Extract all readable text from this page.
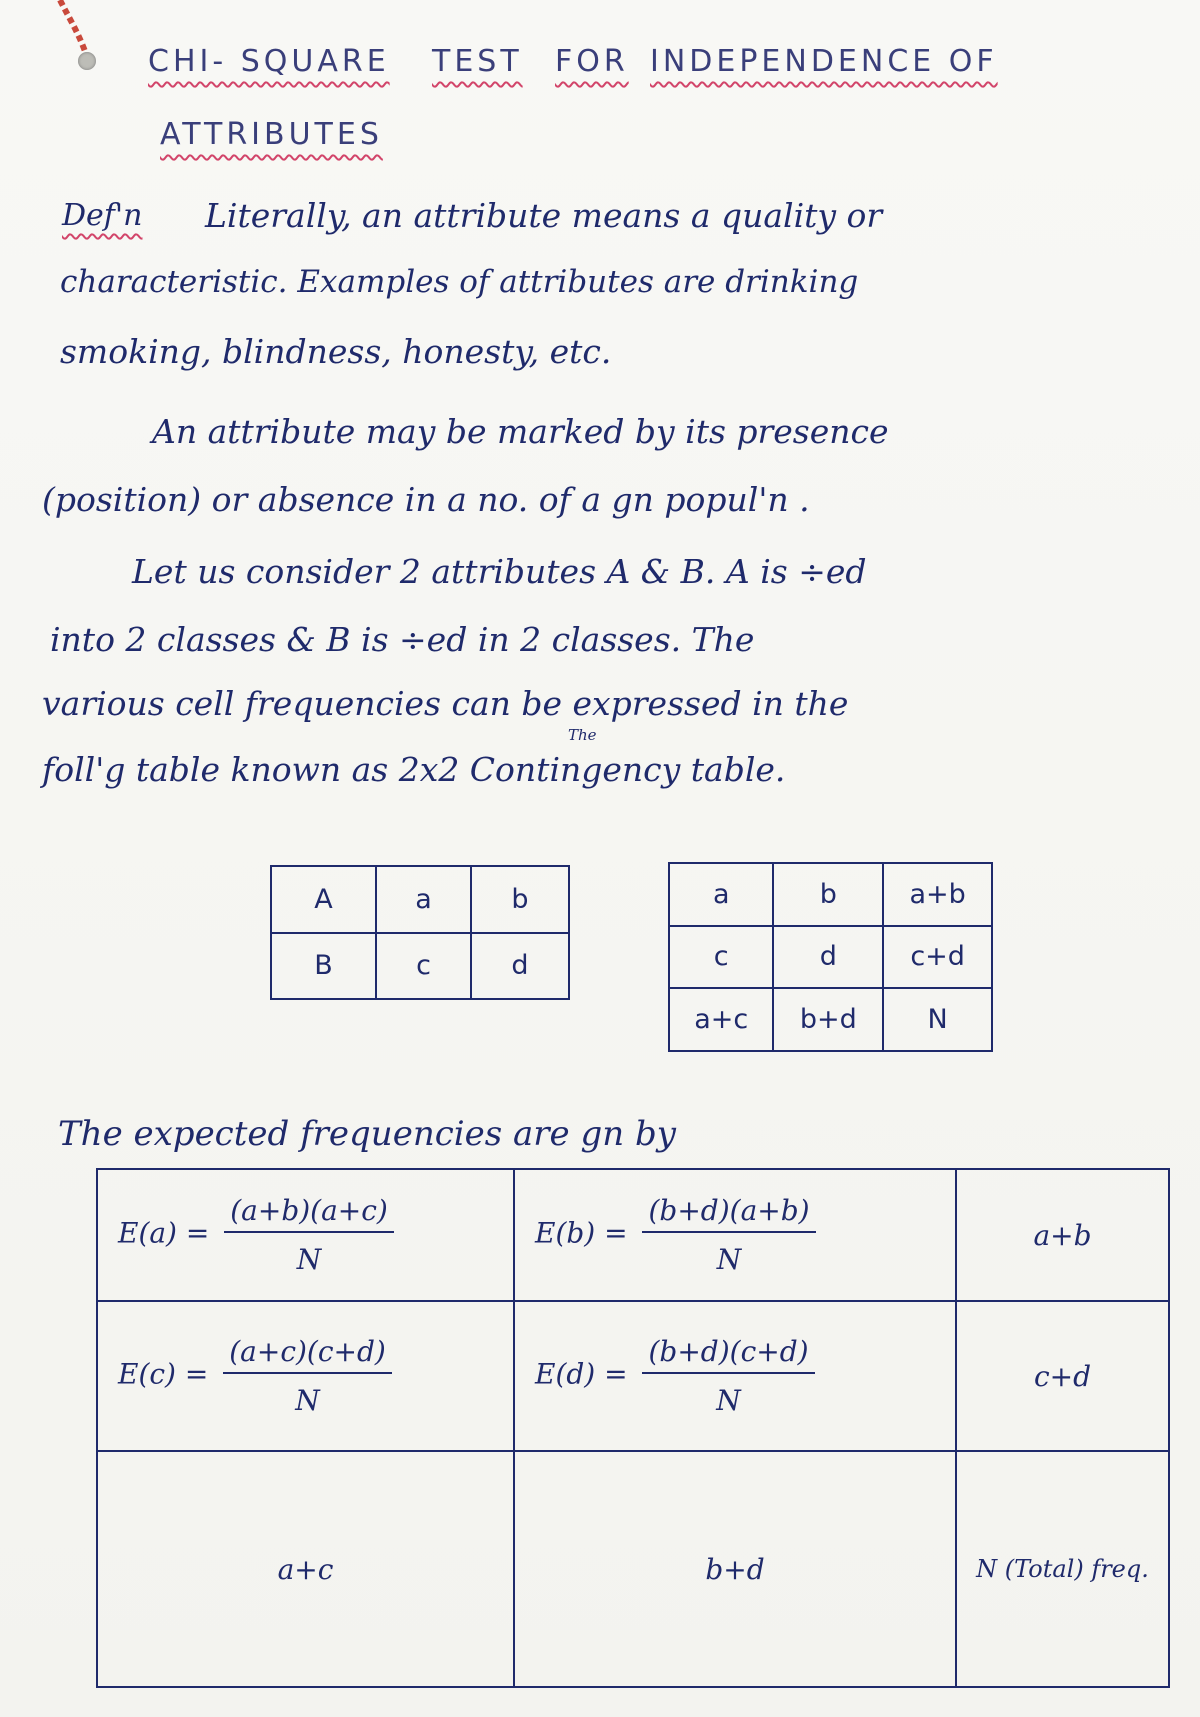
CHI- SQUARE TEST FOR INDEPENDENCE OF
ATTRIBUTES
Def'n Literally, an attribute means a quality or
characteristic. Examples of attributes are drinking
smoking, blindness, honesty, etc.
An attribute may be marked by its presence
(position) or absence in a no. of a gn popul'n .
Let us consider 2 attributes A & B. A is ÷ed
into 2 classes & B is ÷ed in 2 classes. The
various cell frequencies can be expressed in the
The
foll'g table known as 2x2 Contingency table.
A	a	b
B	c	d
a	b	a+b
c	d	c+d
a+c	b+d	N
The expected frequencies are gn by
$E(a) = \frac{(a+b)(a+c)}{N}$	$E(b) = \frac{(b+d)(a+b)}{N}$	a+b
$E(c) = \frac{(a+c)(c+d)}{N}$	$E(d) = \frac{(b+d)(c+d)}{N}$	c+d
a+c	b+d	N (Total) freq.
